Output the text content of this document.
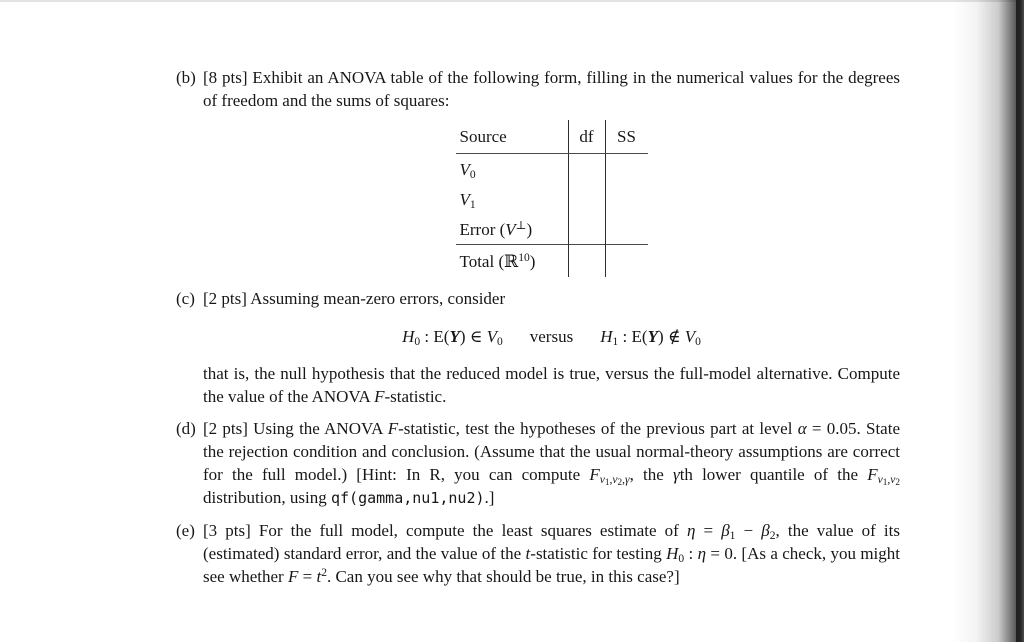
(b) [8 pts] Exhibit an ANOVA table of the following form, filling in the numerical values for the degrees of freedom and the sums of squares:

Source	df	SS
$V_0$		
$V_1$		
Error (V⊥)		
Total (ℝ$^{10}$)		
(c) [2 pts] Assuming mean-zero errors, consider

$H_0$ : E(Y) ∈ $V_0$ versus $H_1$ : E(Y) ∉ $V_0$

that is, the null hypothesis that the reduced model is true, versus the full-model alternative. Compute the value of the ANOVA F-statistic.

(d) [2 pts] Using the ANOVA F-statistic, test the hypotheses of the previous part at level α = 0.05. State the rejection condition and conclusion. (Assume that the usual normal-theory assumptions are correct for the full model.) [Hint: In R, you can compute $F_{\nu_1,\nu_2,\gamma}$, the γth lower quantile of the $F_{\nu_1,\nu_2}$ distribution, using qf(gamma,nu1,nu2).]

(e) [3 pts] For the full model, compute the least squares estimate of $\eta = \beta_1 - \beta_2$, the value of its (estimated) standard error, and the value of the t-statistic for testing $H_0$ : η = 0. [As a check, you might see whether $F = t^2$. Can you see why that should be true, in this case?]
